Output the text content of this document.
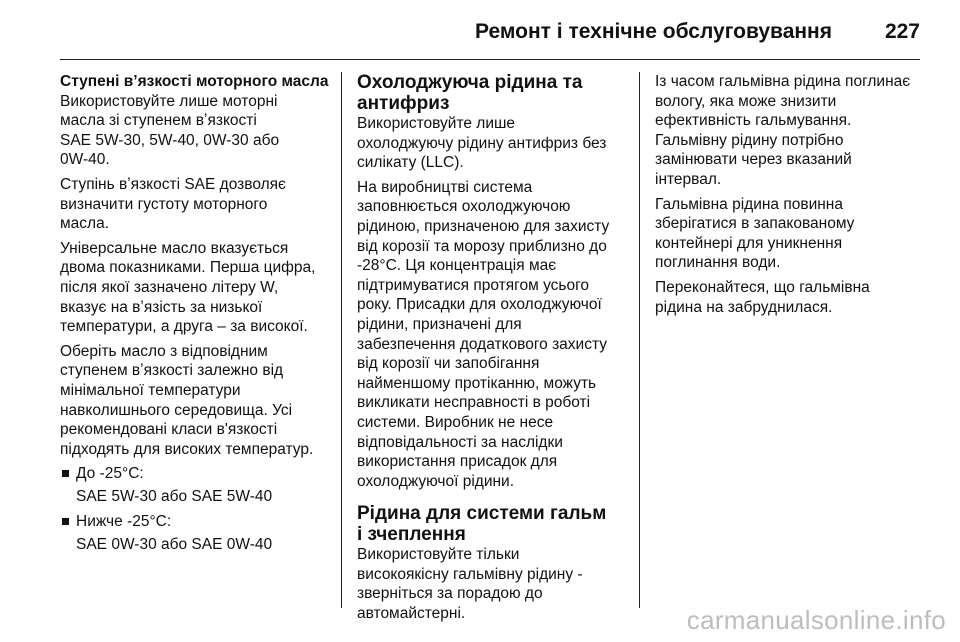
Ремонт і технічне обслуговування	227
Ступені вʼязкості моторного масла

Використовуйте лише моторні
масла зі ступенем вʼязкості
SAE 5W-30, 5W-40, 0W-30 або
0W-40.

Ступінь вʼязкості SAE дозволяє
визначити густоту моторного
масла.

Універсальне масло вказується
двома показниками. Перша цифра,
після якої зазначено літеру W,
вказує на вʼязість за низької
температури, а друга – за високої.

Оберіть масло з відповідним
ступенем вʼязкості залежно від
мінімальної температури
навколишнього середовища. Усі
рекомендовані класи в'язкості
підходять для високих температур.

До -25°C:
SAE 5W-30 або SAE 5W-40
Нижче -25°C:
SAE 0W-30 або SAE 0W-40
Охолоджуюча рідина та
антифриз

Використовуйте лише
охолоджуючу рідину антифриз без
силікату (LLC).

На виробництві система
заповнюється охолоджуючою
рідиною, призначеною для захисту
від корозії та морозу приблизно до
-28°C. Ця концентрація має
підтримуватися протягом усього
року. Присадки для охолоджуючої
рідини, призначені для
забезпечення додаткового захисту
від корозії чи запобігання
найменшому протіканню, можуть
викликати несправності в роботі
системи. Виробник не несе
відповідальності за наслідки
використання присадок для
охолоджуючої рідини.

Рідина для системи гальм
і зчеплення

Використовуйте тільки
високоякісну гальмівну рідину -
зверніться за порадою до
автомайстерні.

Із часом гальмівна рідина поглинає
вологу, яка може знизити
ефективність гальмування.
Гальмівну рідину потрібно
замінювати через вказаний
інтервал.

Гальмівна рідина повинна
зберігатися в запакованому
контейнері для уникнення
поглинання води.

Переконайтеся, що гальмівна
рідина на забруднилася.

carmanualsonline.info
